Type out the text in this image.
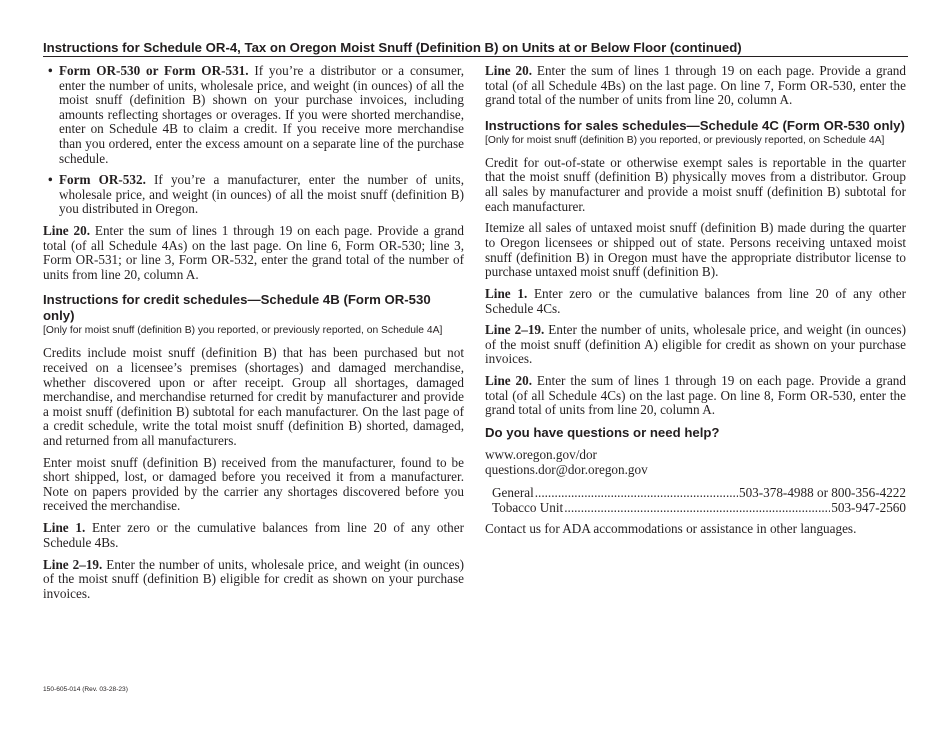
Instructions for Schedule OR-4, Tax on Oregon Moist Snuff (Definition B) on Units at or Below Floor (continued)
• Form OR-530 or Form OR-531. If you’re a distributor or a consumer, enter the number of units, wholesale price, and weight (in ounces) of all the moist snuff (definition B) shown on your purchase invoices, including amounts reflecting shortages or overages. If you were shorted merchandise, enter on Schedule 4B to claim a credit. If you receive more merchandise than you ordered, enter the excess amount on a separate line of the purchase schedule.
• Form OR-532. If you’re a manufacturer, enter the number of units, wholesale price, and weight (in ounces) of all the moist snuff (definition B) you distributed in Oregon.

Line 20. Enter the sum of lines 1 through 19 on each page. Provide a grand total (of all Schedule 4As) on the last page. On line 6, Form OR-530; line 3, Form OR-531; or line 3, Form OR-532, enter the grand total of the number of units from line 20, column A.

Instructions for credit schedules—Schedule 4B (Form OR-530 only)
[Only for moist snuff (definition B) you reported, or previously reported, on Schedule 4A]

Credits include moist snuff (definition B) that has been purchased but not received on a licensee’s premises (shortages) and damaged merchandise, whether discovered upon or after receipt. Group all shortages, damaged merchandise, and merchandise returned for credit by manufacturer and provide a moist snuff (definition B) subtotal for each manufacturer. On the last page of a credit schedule, write the total moist snuff (definition B) shorted, damaged, and returned from all manufacturers.

Enter moist snuff (definition B) received from the manufacturer, found to be short shipped, lost, or damaged before you received it from a manufacturer. Note on papers provided by the carrier any shortages discovered before you received the merchandise.

Line 1. Enter zero or the cumulative balances from line 20 of any other Schedule 4Bs.

Line 2–19. Enter the number of units, wholesale price, and weight (in ounces) of the moist snuff (definition B) eligible for credit as shown on your purchase invoices.

Line 20. Enter the sum of lines 1 through 19 on each page. Provide a grand total (of all Schedule 4Bs) on the last page. On line 7, Form OR-530, enter the grand total of the number of units from line 20, column A.

Instructions for sales schedules—Schedule 4C (Form OR-530 only)
[Only for moist snuff (definition B) you reported, or previously reported, on Schedule 4A]

Credit for out-of-state or otherwise exempt sales is reportable in the quarter that the moist snuff (definition B) physically moves from a distributor. Group all sales by manufacturer and provide a moist snuff (definition B) subtotal for each manufacturer.

Itemize all sales of untaxed moist snuff (definition B) made during the quarter to Oregon licensees or shipped out of state. Persons receiving untaxed moist snuff (definition B) in Oregon must have the appropriate distributor license to purchase untaxed moist snuff (definition B).

Line 1. Enter zero or the cumulative balances from line 20 of any other Schedule 4Cs.

Line 2–19. Enter the number of units, wholesale price, and weight (in ounces) of the moist snuff (definition A) eligible for credit as shown on your purchase invoices.

Line 20. Enter the sum of lines 1 through 19 on each page. Provide a grand total (of all Schedule 4Cs) on the last page. On line 8, Form OR-530, enter the grand total of units from line 20, column A.

Do you have questions or need help?
www.oregon.gov/dor
questions.dor@dor.oregon.gov
General .....	503-378-4988 or 800-356-4222
Tobacco Unit .....	503-947-2560

Contact us for ADA accommodations or assistance in other languages.

150-605-014 (Rev. 03-28-23)
